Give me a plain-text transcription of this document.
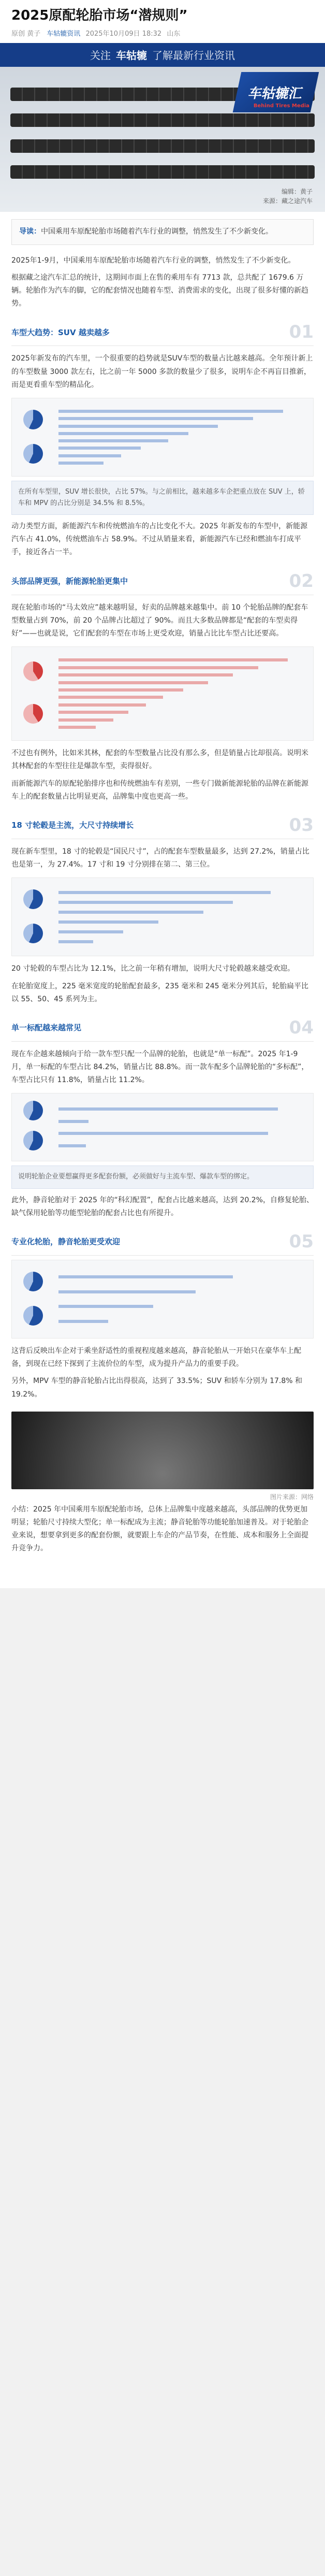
2025原配轮胎市场“潜规则”
原创 黄子 车轱辘资讯 2025年10月09日 18:32 山东
关注 车轱辘 了解最新行业资讯
车轱辘汇
Behind Tires Media
编辑：黄子
来源：藏之途汽车
导读：中国乘用车原配轮胎市场随着汽车行业的调整，悄然发生了不少新变化。
2025年1-9月，中国乘用车原配轮胎市场随着汽车行业的调整，悄然发生了不少新变化。
根据藏之途汽车汇总的统计，这期间市面上在售的乘用车有 7713 款，总共配了 1679.6 万辆。轮胎作为汽车的脚，它的配套情况也随着车型、消费需求的变化，出现了很多好懂的新趋势。
车型大趋势：SUV 越卖越多	01
2025年新发布的汽车里，一个很重要的趋势就是SUV车型的数量占比越来越高。全年预计新上的车型数量 3000 款左右，比之前一年 5000 多款的数量少了很多，说明车企不再盲目推新，而是更看重车型的精品化。
在所有车型里，SUV 增长很快，占比 57%。与之前相比，越来越多车企把重点放在 SUV 上，轿车和 MPV 的占比分别是 34.5% 和 8.5%。
动力类型方面，新能源汽车和传统燃油车的占比变化不大。2025 年新发布的车型中，新能源汽车占 41.0%，传统燃油车占 58.9%。不过从销量来看，新能源汽车已经和燃油车打成平手，接近各占一半。
头部品牌更强，新能源轮胎更集中	02
现在轮胎市场的“马太效应”越来越明显，好卖的品牌越来越集中。前 10 个轮胎品牌的配套车型数量占到 70%，前 20 个品牌占比超过了 90%。而且大多数品牌都是“配套的车型卖得好”——也就是说，它们配套的车型在市场上更受欢迎，销量占比比车型占比还要高。
不过也有例外，比如米其林，配套的车型数量占比没有那么多，但是销量占比却很高。说明米其林配套的车型往往是爆款车型，卖得很好。
而新能源汽车的原配轮胎排序也和传统燃油车有差别，一些专门做新能源轮胎的品牌在新能源车上的配套数量占比明显更高，品牌集中度也更高一些。
18 寸轮毂是主流，大尺寸持续增长	03
现在新车型里，18 寸的轮毂是“国民尺寸”，占的配套车型数量最多，达到 27.2%，销量占比也是第一，为 27.4%。17 寸和 19 寸分别排在第二、第三位。
20 寸轮毂的车型占比为 12.1%，比之前一年稍有增加，说明大尺寸轮毂越来越受欢迎。
在轮胎宽度上，225 毫米宽度的轮胎配套最多，235 毫米和 245 毫米分列其后，轮胎扁平比以 55、50、45 系列为主。
单一标配越来越常见	04
现在车企越来越倾向于给一款车型只配一个品牌的轮胎，也就是“单一标配”。2025 年1-9 月，单一标配的车型占比 84.2%，销量占比 88.8%。而一款车配多个品牌轮胎的“多标配”，车型占比只有 11.8%，销量占比 11.2%。
说明轮胎企业要想赢得更多配套份额，必须做好与主流车型、爆款车型的绑定。
此外，静音轮胎对于 2025 年的“科幻配置”，配套占比越来越高，达到 20.2%，自修复轮胎、缺气保用轮胎等功能型轮胎的配套占比也有所提升。
专业化轮胎，静音轮胎更受欢迎	05
这背后反映出车企对于乘坐舒适性的重视程度越来越高，静音轮胎从一开始只在豪华车上配备，到现在已经下探到了主流价位的车型，成为提升产品力的重要手段。
另外，MPV 车型的静音轮胎占比出得很高，达到了 33.5%；SUV 和轿车分别为 17.8% 和 19.2%。
图片来源：网络
小结：2025 年中国乘用车原配轮胎市场，总体上品牌集中度越来越高，头部品牌的优势更加明显；轮胎尺寸持续大型化；单一标配成为主流；静音轮胎等功能轮胎加速普及。对于轮胎企业来说，想要拿到更多的配套份额，就要跟上车企的产品节奏，在性能、成本和服务上全面提升竞争力。
